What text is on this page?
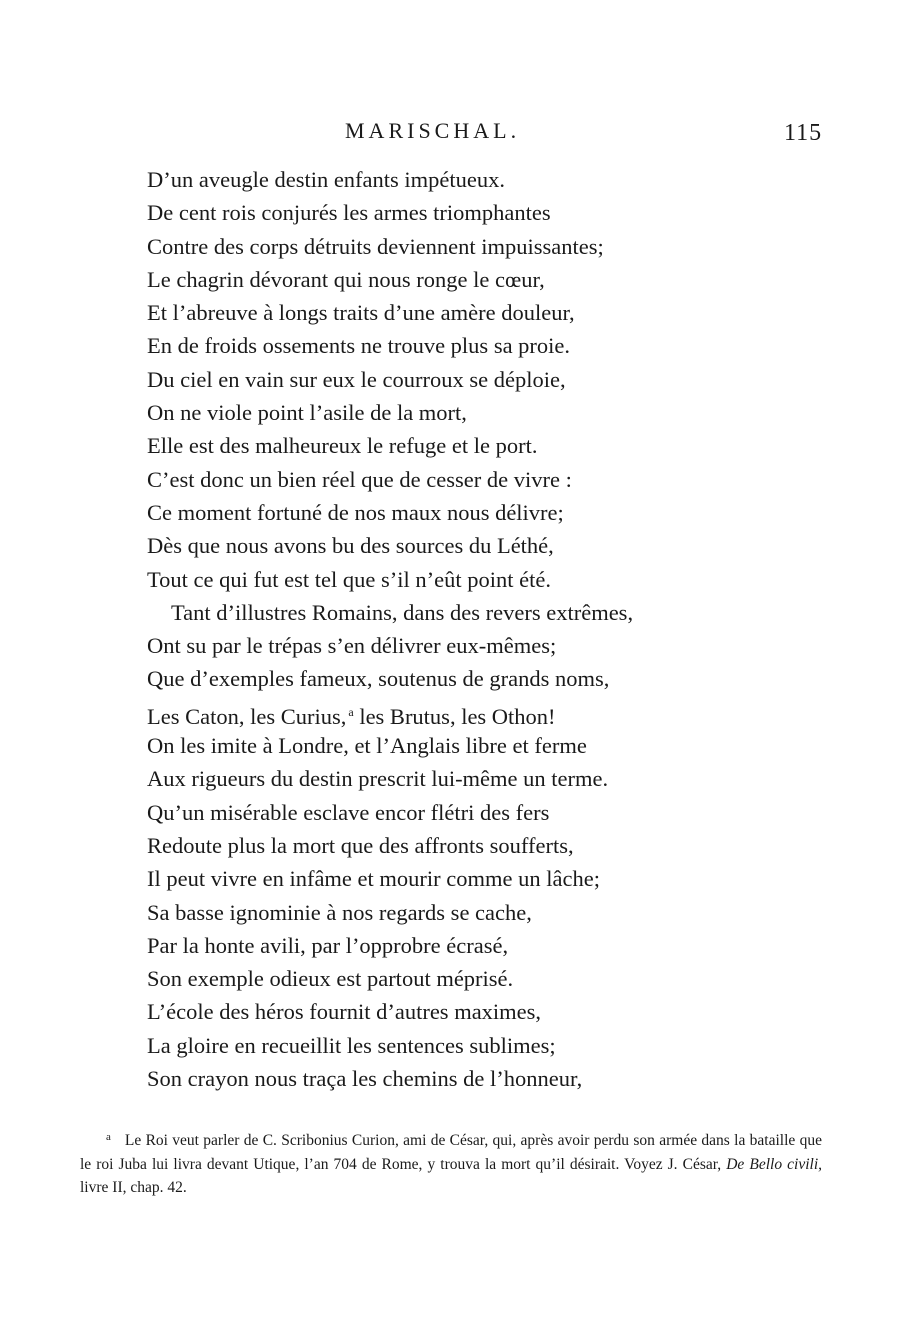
MARISCHAL.	115
D’un aveugle destin enfants impétueux.
De cent rois conjurés les armes triomphantes
Contre des corps détruits deviennent impuissantes;
Le chagrin dévorant qui nous ronge le cœur,
Et l’abreuve à longs traits d’une amère douleur,
En de froids ossements ne trouve plus sa proie.
Du ciel en vain sur eux le courroux se déploie,
On ne viole point l’asile de la mort,
Elle est des malheureux le refuge et le port.
C’est donc un bien réel que de cesser de vivre :
Ce moment fortuné de nos maux nous délivre;
Dès que nous avons bu des sources du Léthé,
Tout ce qui fut est tel que s’il n’eût point été.
Tant d’illustres Romains, dans des revers extrêmes,
Ont su par le trépas s’en délivrer eux-mêmes;
Que d’exemples fameux, soutenus de grands noms,
Les Caton, les Curius, $^a$ les Brutus, les Othon!
On les imite à Londre, et l’Anglais libre et ferme
Aux rigueurs du destin prescrit lui-même un terme.
Qu’un misérable esclave encor flétri des fers
Redoute plus la mort que des affronts soufferts,
Il peut vivre en infâme et mourir comme un lâche;
Sa basse ignominie à nos regards se cache,
Par la honte avili, par l’opprobre écrasé,
Son exemple odieux est partout méprisé.
L’école des héros fournit d’autres maximes,
La gloire en recueillit les sentences sublimes;
Son crayon nous traça les chemins de l’honneur,
$^a$ Le Roi veut parler de C. Scribonius Curion, ami de César, qui, après avoir perdu son armée dans la bataille que le roi Juba lui livra devant Utique, l’an 704 de Rome, y trouva la mort qu’il désirait. Voyez J. César, De Bello civili, livre II, chap. 42.
